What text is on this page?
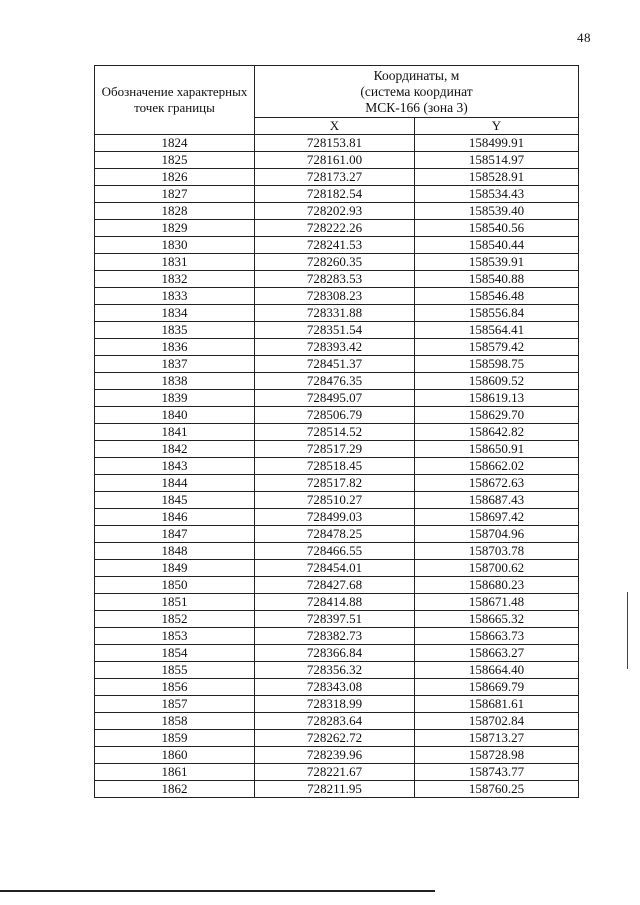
48
Обозначение характерных точек границы	Координаты, м
(система координат
МСК-166 (зона 3)	

	X	Y
1824	728153.81	158499.91
1825	728161.00	158514.97
1826	728173.27	158528.91
1827	728182.54	158534.43
1828	728202.93	158539.40
1829	728222.26	158540.56
1830	728241.53	158540.44
1831	728260.35	158539.91
1832	728283.53	158540.88
1833	728308.23	158546.48
1834	728331.88	158556.84
1835	728351.54	158564.41
1836	728393.42	158579.42
1837	728451.37	158598.75
1838	728476.35	158609.52
1839	728495.07	158619.13
1840	728506.79	158629.70
1841	728514.52	158642.82
1842	728517.29	158650.91
1843	728518.45	158662.02
1844	728517.82	158672.63
1845	728510.27	158687.43
1846	728499.03	158697.42
1847	728478.25	158704.96
1848	728466.55	158703.78
1849	728454.01	158700.62
1850	728427.68	158680.23
1851	728414.88	158671.48
1852	728397.51	158665.32
1853	728382.73	158663.73
1854	728366.84	158663.27
1855	728356.32	158664.40
1856	728343.08	158669.79
1857	728318.99	158681.61
1858	728283.64	158702.84
1859	728262.72	158713.27
1860	728239.96	158728.98
1861	728221.67	158743.77
1862	728211.95	158760.25
